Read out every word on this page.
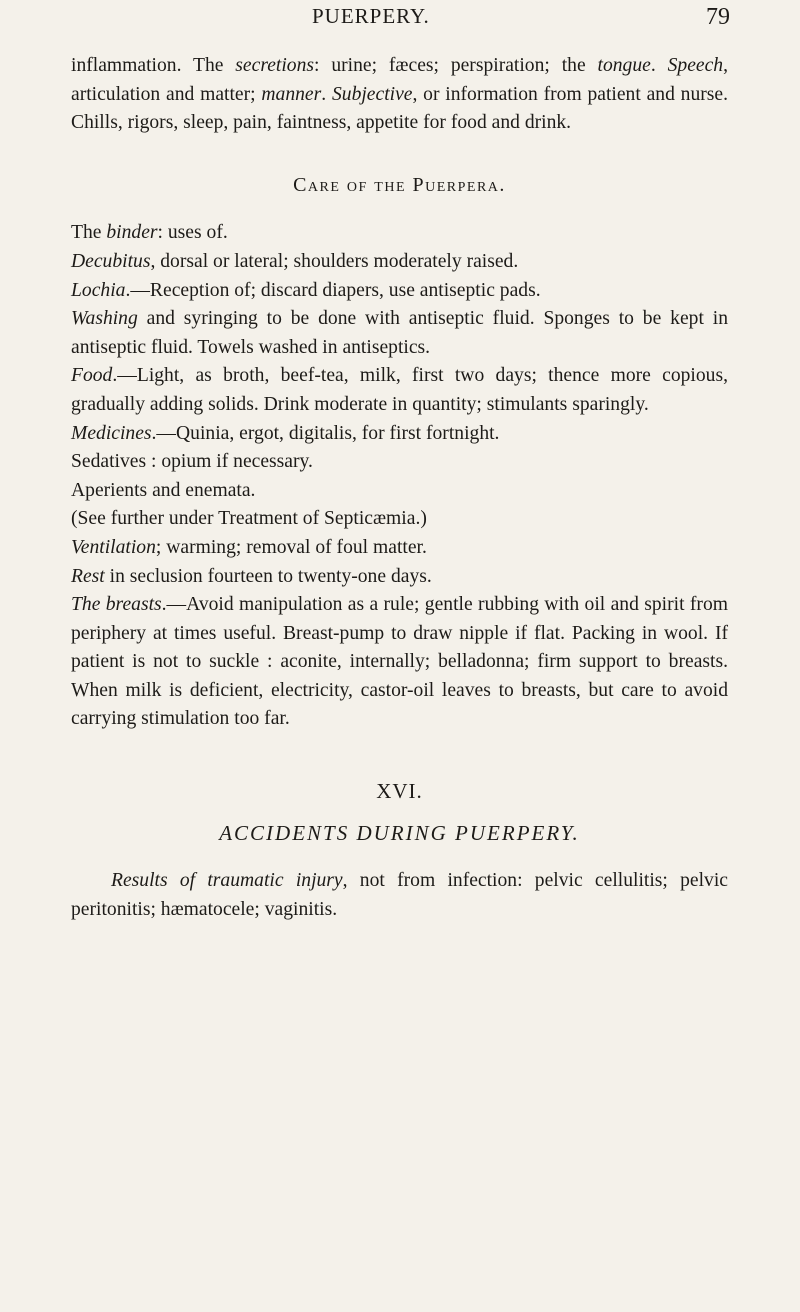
PUERPERY.	79

inflammation. The secretions: urine; fæces; perspiration; the tongue. Speech, articulation and matter; manner. Subjective, or information from patient and nurse. Chills, rigors, sleep, pain, faintness, appetite for food and drink.

Care of the Puerpera.

The binder: uses of.

Decubitus, dorsal or lateral; shoulders moderately raised.

Lochia.—Reception of; discard diapers, use antiseptic pads.

Washing and syringing to be done with antiseptic fluid. Sponges to be kept in antiseptic fluid. Towels washed in antiseptics.

Food.—Light, as broth, beef-tea, milk, first two days; thence more copious, gradually adding solids. Drink moderate in quantity; stimulants sparingly.

Medicines.—Quinia, ergot, digitalis, for first fortnight.

Sedatives : opium if necessary.

Aperients and enemata.

(See further under Treatment of Septicæmia.)

Ventilation; warming; removal of foul matter.

Rest in seclusion fourteen to twenty-one days.

The breasts.—Avoid manipulation as a rule; gentle rubbing with oil and spirit from periphery at times useful. Breast-pump to draw nipple if flat. Packing in wool. If patient is not to suckle : aconite, internally; belladonna; firm support to breasts. When milk is deficient, electricity, castor-oil leaves to breasts, but care to avoid carrying stimulation too far.

XVI.
ACCIDENTS DURING PUERPERY.

Results of traumatic injury, not from infection: pelvic cellulitis; pelvic peritonitis; hæmatocele; vaginitis.
